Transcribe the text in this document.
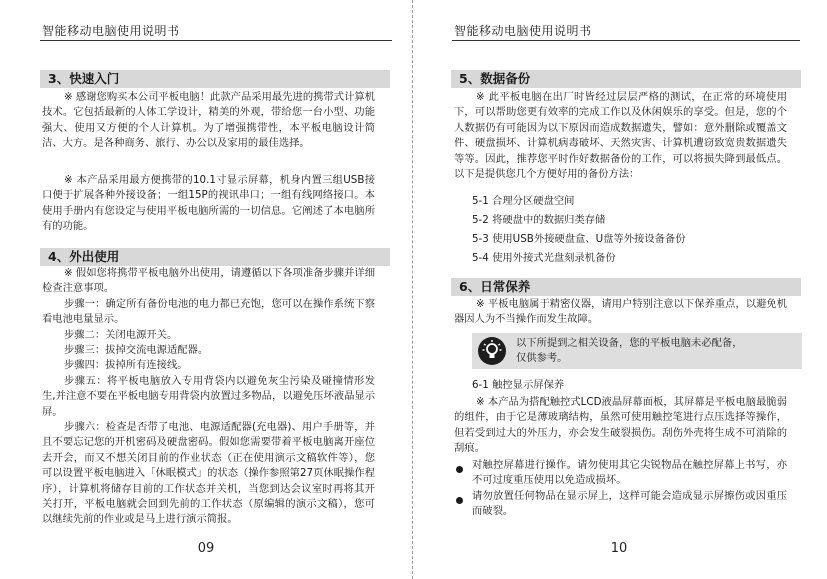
智能移动电脑使用说明书
3、快速入门

※ 感谢您购买本公司平板电脑！此款产品采用最先进的携带式计算机技术。它包括最新的人体工学设计，精美的外观，带给您一台小型、功能强大、使用又方便的个人计算机。为了增强携带性，本平板电脑设计简洁、大方。是各种商务、旅行、办公以及家用的最佳选择。

※ 本产品采用最方便携带的10.1寸显示屏幕，机身内置三组USB接口便于扩展各种外接设备；一组15P的视讯串口；一组有线网络接口。本使用手册内有您设定与使用平板电脑所需的一切信息。它阐述了本电脑所有的功能。

4、外出使用

※ 假如您将携带平板电脑外出使用，请遵循以下各项准备步骤并详细检查注意事项。

步骤一：确定所有备份电池的电力都已充饱，您可以在操作系统下察看电池电量显示。

步骤二：关闭电源开关。

步骤三：拔掉交流电源适配器。

步骤四：拔掉所有连接线。

步骤五：将平板电脑放入专用背袋内以避免灰尘污染及碰撞情形发生,并注意不要在平板电脑专用背袋内放置过多物品，以避免压坏液晶显示屏。

步骤六：检查是否带了电池、电源适配器(充电器)、用户手册等，并且不要忘记您的开机密码及硬盘密码。假如您需要带着平板电脑离开座位去开会，而又不想关闭目前的作业状态（正在使用演示文稿软件等），您可以设置平板电脑进入「休眠模式」的状态（操作参照第27页休眠操作程序），计算机将储存目前的工作状态并关机，当您到达会议室时再将其开关打开，平板电脑就会回到先前的工作状态（原编辑的演示文稿），您可以继续先前的作业或是马上进行演示简报。

09
智能移动电脑使用说明书
5、数据备份

※ 此平板电脑在出厂时皆经过层层严格的测试，在正常的环境使用下，可以帮助您更有效率的完成工作以及休闲娱乐的享受。但是，您的个人数据仍有可能因为以下原因而造成数据遗失，譬如：意外删除或覆盖文件、硬盘损坏、计算机病毒破坏、天然灾害、计算机遭窃致宽贵数据遗失等等。因此，推荐您平时作好数据备份的工作，可以将损失降到最低点。以下是提供您几个方便好用的备份方法：

5-1 合理分区硬盘空间

5-2 将硬盘中的数据归类存储

5-3 使用USB外接硬盘盒、U盘等外接设备备份

5-4 使用外接式光盘刻录机备份

6、日常保养

※ 平板电脑属于精密仪器，请用户特别注意以下保养重点，以避免机器因人为不当操作而发生故障。

以下所提到之相关设备，您的平板电脑未必配备，
仅供参考。

6-1 触控显示屏保养

※ 本产品为搭配触控式LCD液晶屏幕面板，其屏幕是平板电脑最脆弱的组件，由于它是薄玻璃结构，虽然可使用触控笔进行点压选择等操作，但若受到过大的外压力，亦会发生破裂损伤。刮伤外壳将生成不可消除的刮痕。

对触控屏幕进行操作。请勿使用其它尖锐物品在触控屏幕上书写，亦不可过度重压使用以免造成损坏。

请勿放置任何物品在显示屏上，这样可能会造成显示屏擦伤或因重压而破裂。

10
